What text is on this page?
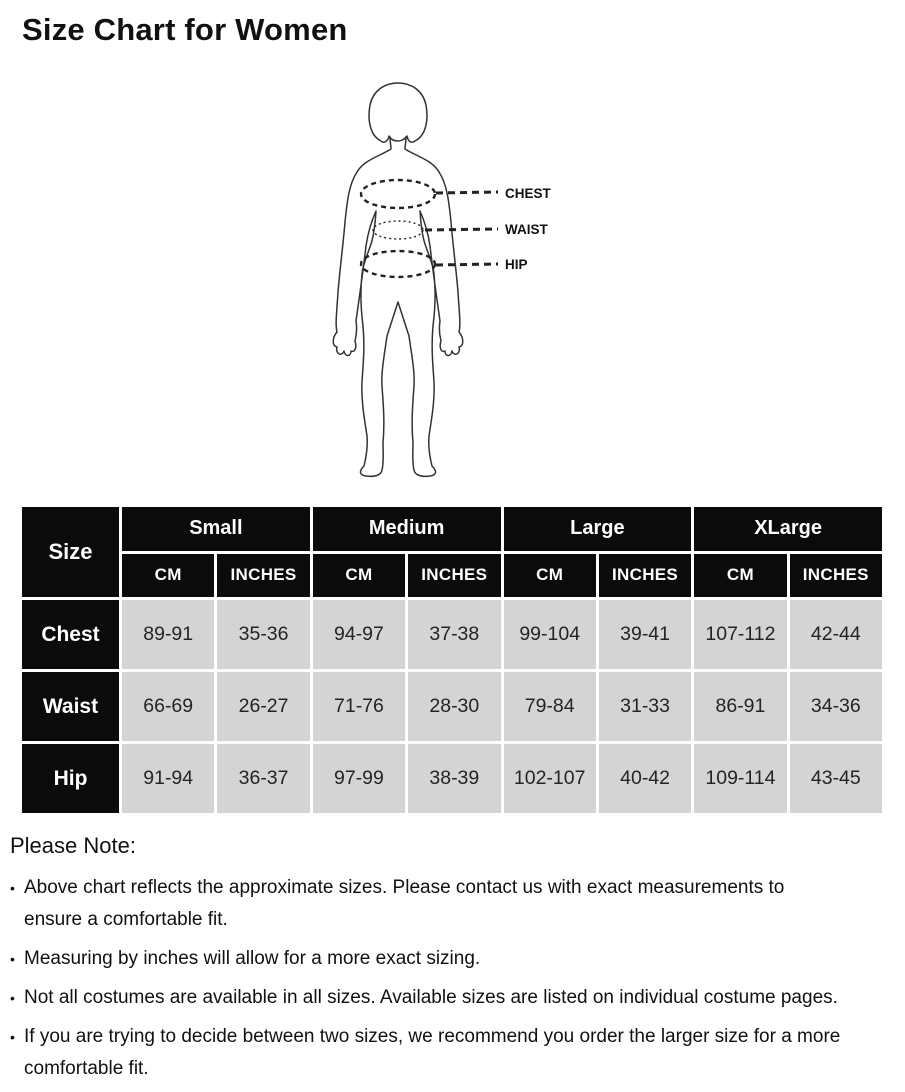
Size Chart for Women
CHEST
WAIST
HIP
Size	Small		Medium		Large		XLarge	
	CM	INCHES	CM	INCHES	CM	INCHES	CM	INCHES
Chest	89-91	35-36	94-97	37-38	99-104	39-41	107-112	42-44
Waist	66-69	26-27	71-76	28-30	79-84	31-33	86-91	34-36
Hip	91-94	36-37	97-99	38-39	102-107	40-42	109-114	43-45

Please Note:

• Above chart reflects the approximate sizes. Please contact us with exact measurements to
ensure a comfortable fit.
• Measuring by inches will allow for a more exact sizing.
• Not all costumes are available in all sizes. Available sizes are listed on individual costume pages.
• If you are trying to decide between two sizes, we recommend you order the larger size for a more
comfortable fit.
